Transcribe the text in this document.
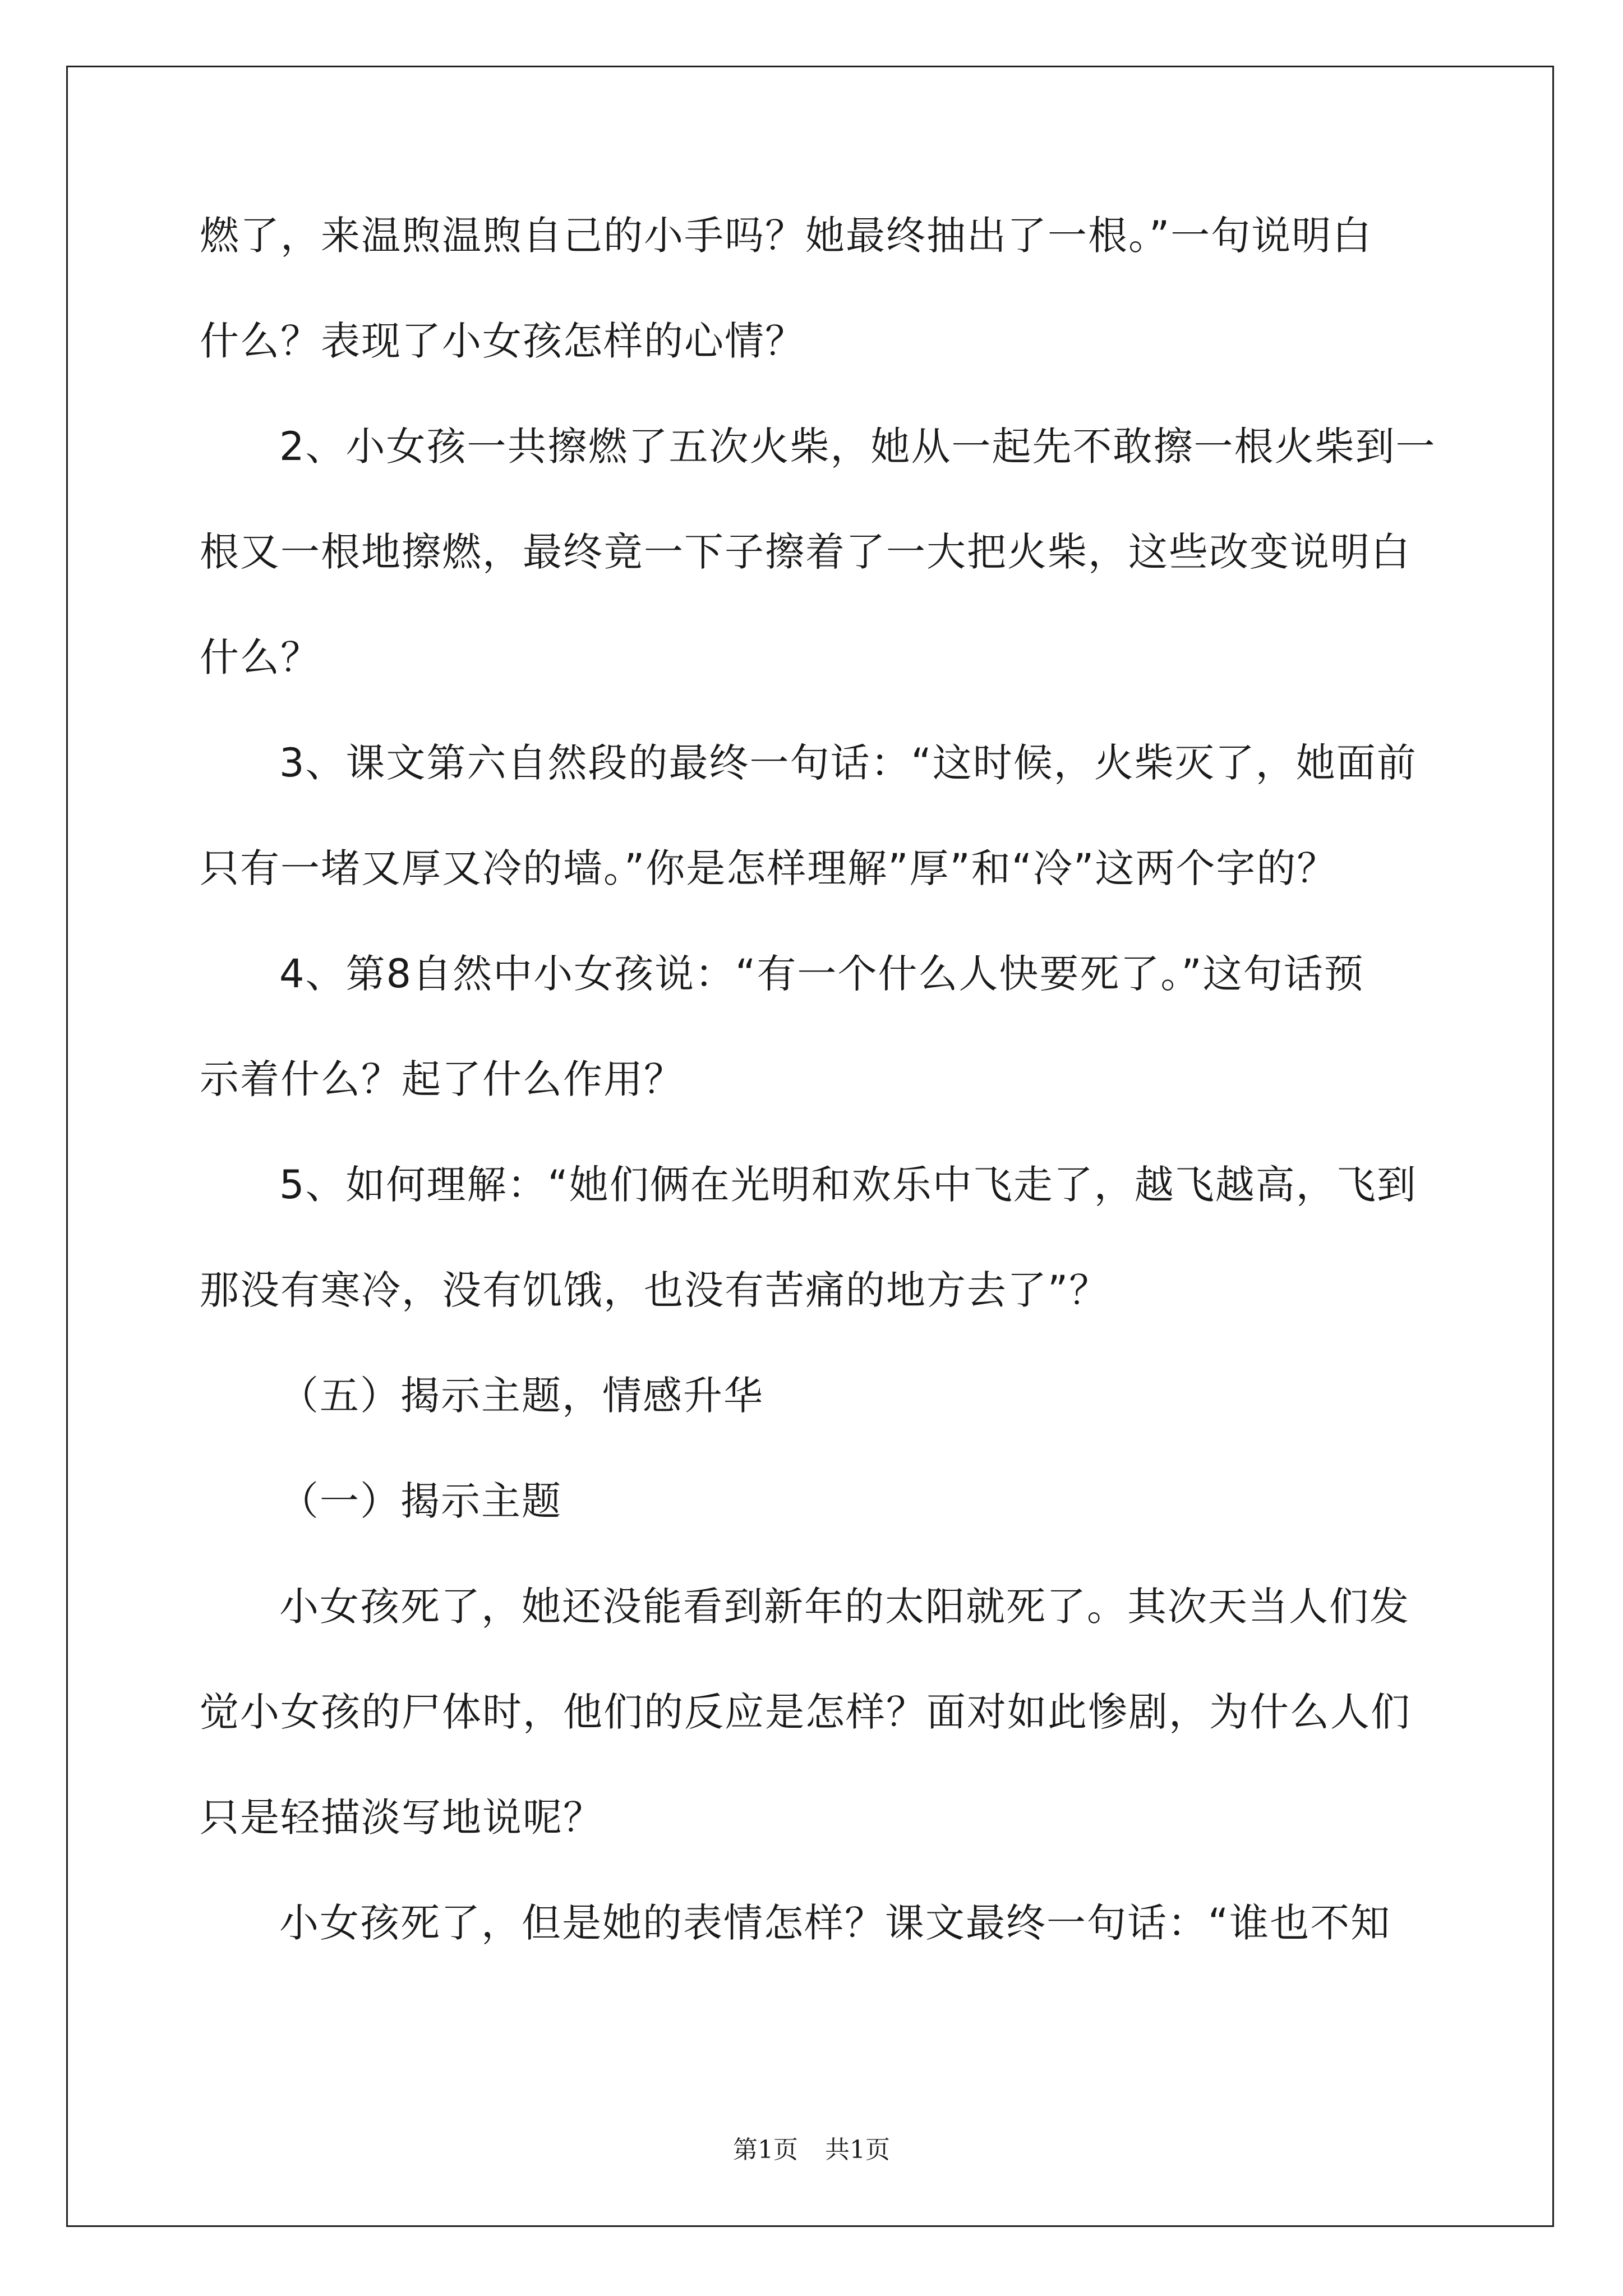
燃了，来温煦温煦自己的小手吗？她最终抽出了一根。”一句说明白
什么？表现了小女孩怎样的心情？
2、小女孩一共擦燃了五次火柴，她从一起先不敢擦一根火柴到一
根又一根地擦燃，最终竟一下子擦着了一大把火柴，这些改变说明白
什么？
3、课文第六自然段的最终一句话：“这时候，火柴灭了，她面前
只有一堵又厚又冷的墙。”你是怎样理解”厚”和“冷”这两个字的？
4、第8自然中小女孩说：“有一个什么人快要死了。”这句话预
示着什么？起了什么作用？
5、如何理解：“她们俩在光明和欢乐中飞走了，越飞越高，飞到
那没有寒冷，没有饥饿，也没有苦痛的地方去了”？
（五）揭示主题，情感升华
（一）揭示主题
小女孩死了，她还没能看到新年的太阳就死了。其次天当人们发
觉小女孩的尸体时，他们的反应是怎样？面对如此惨剧，为什么人们
只是轻描淡写地说呢？
小女孩死了，但是她的表情怎样？课文最终一句话：“谁也不知
第1页 共1页
